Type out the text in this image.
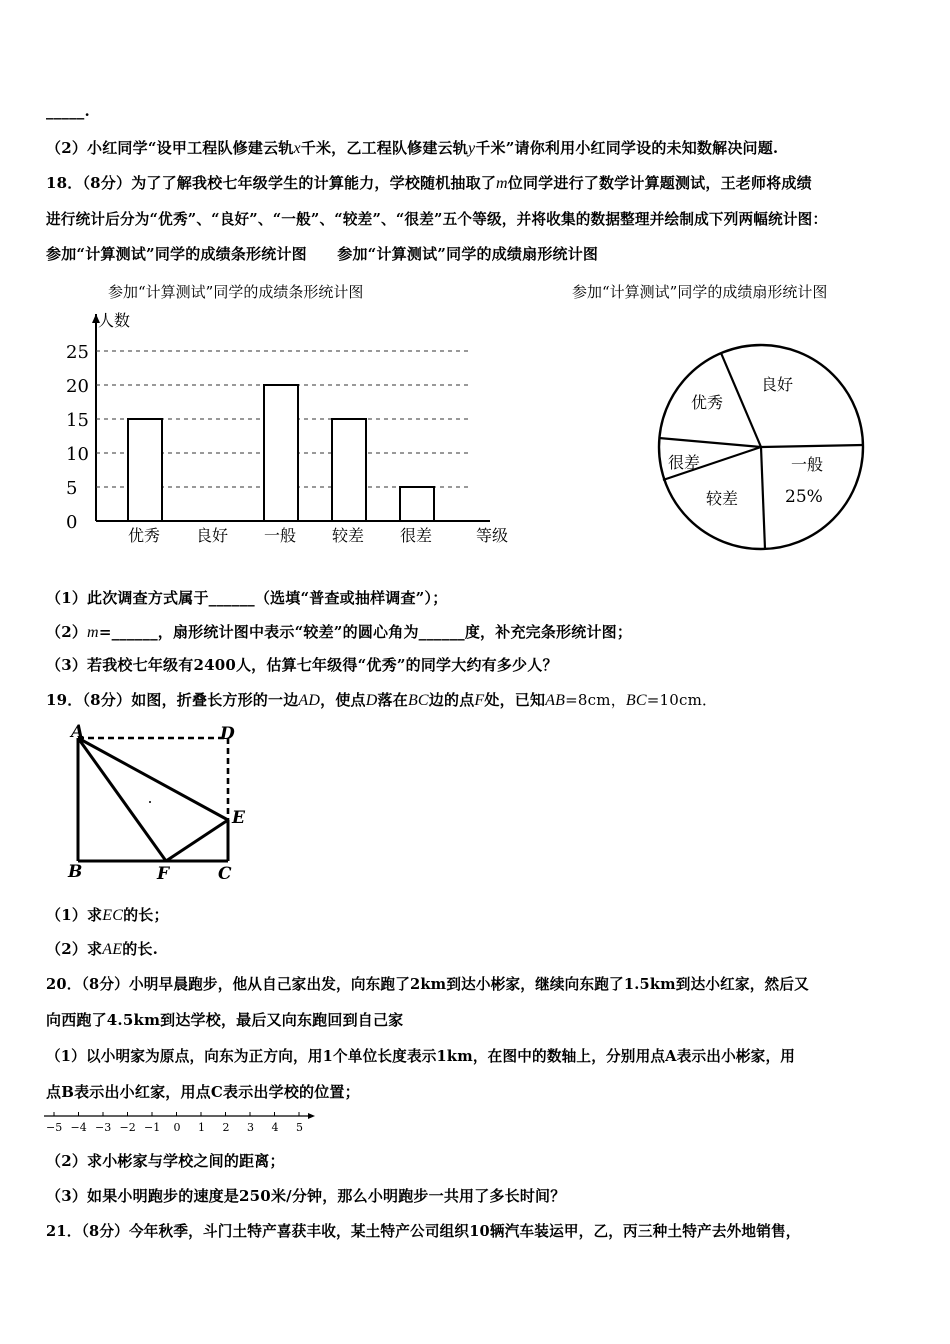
_____.
（2）小红同学“设甲工程队修建云轨x千米，乙工程队修建云轨y千米”请你利用小红同学设的未知数解决问题.
18．（8分）为了了解我校七年级学生的计算能力，学校随机抽取了m位同学进行了数学计算题测试，王老师将成绩
进行统计后分为“优秀”、“良好”、“一般”、“较差”、“很差”五个等级，并将收集的数据整理并绘制成下列两幅统计图：
参加“计算测试”同学的成绩条形统计图　　参加“计算测试”同学的成绩扇形统计图
参加“计算测试”同学的成绩条形统计图	参加“计算测试”同学的成绩扇形统计图
人数
等级
0
5
10
15
20
25
优秀 良好 一般 较差 很差
优秀
良好
一般
25%
较差
很差
（1）此次调查方式属于______（选填“普查或抽样调查”）；
（2）m=______，扇形统计图中表示“较差”的圆心角为______度，补充完条形统计图；
（3）若我校七年级有2400人，估算七年级得“优秀”的同学大约有多少人？
19．（8分）如图，折叠长方形的一边AD，使点D落在BC边的点F处，已知AB=8cm，BC=10cm．
A	D
E
B	F	C
（1）求EC的长；
（2）求AE的长.
20．（8分）小明早晨跑步，他从自己家出发，向东跑了2km到达小彬家，继续向东跑了1.5km到达小红家，然后又
向西跑了4.5km到达学校，最后又向东跑回到自己家
（1）以小明家为原点，向东为正方向，用1个单位长度表示1km，在图中的数轴上，分别用点A表示出小彬家，用
点B表示出小红家，用点C表示出学校的位置；
−5 −4 −3 −2 −1 0 1 2 3 4 5
（2）求小彬家与学校之间的距离；
（3）如果小明跑步的速度是250米/分钟，那么小明跑步一共用了多长时间？
21．（8分）今年秋季，斗门土特产喜获丰收，某土特产公司组织10辆汽车装运甲，乙，丙三种土特产去外地销售，
